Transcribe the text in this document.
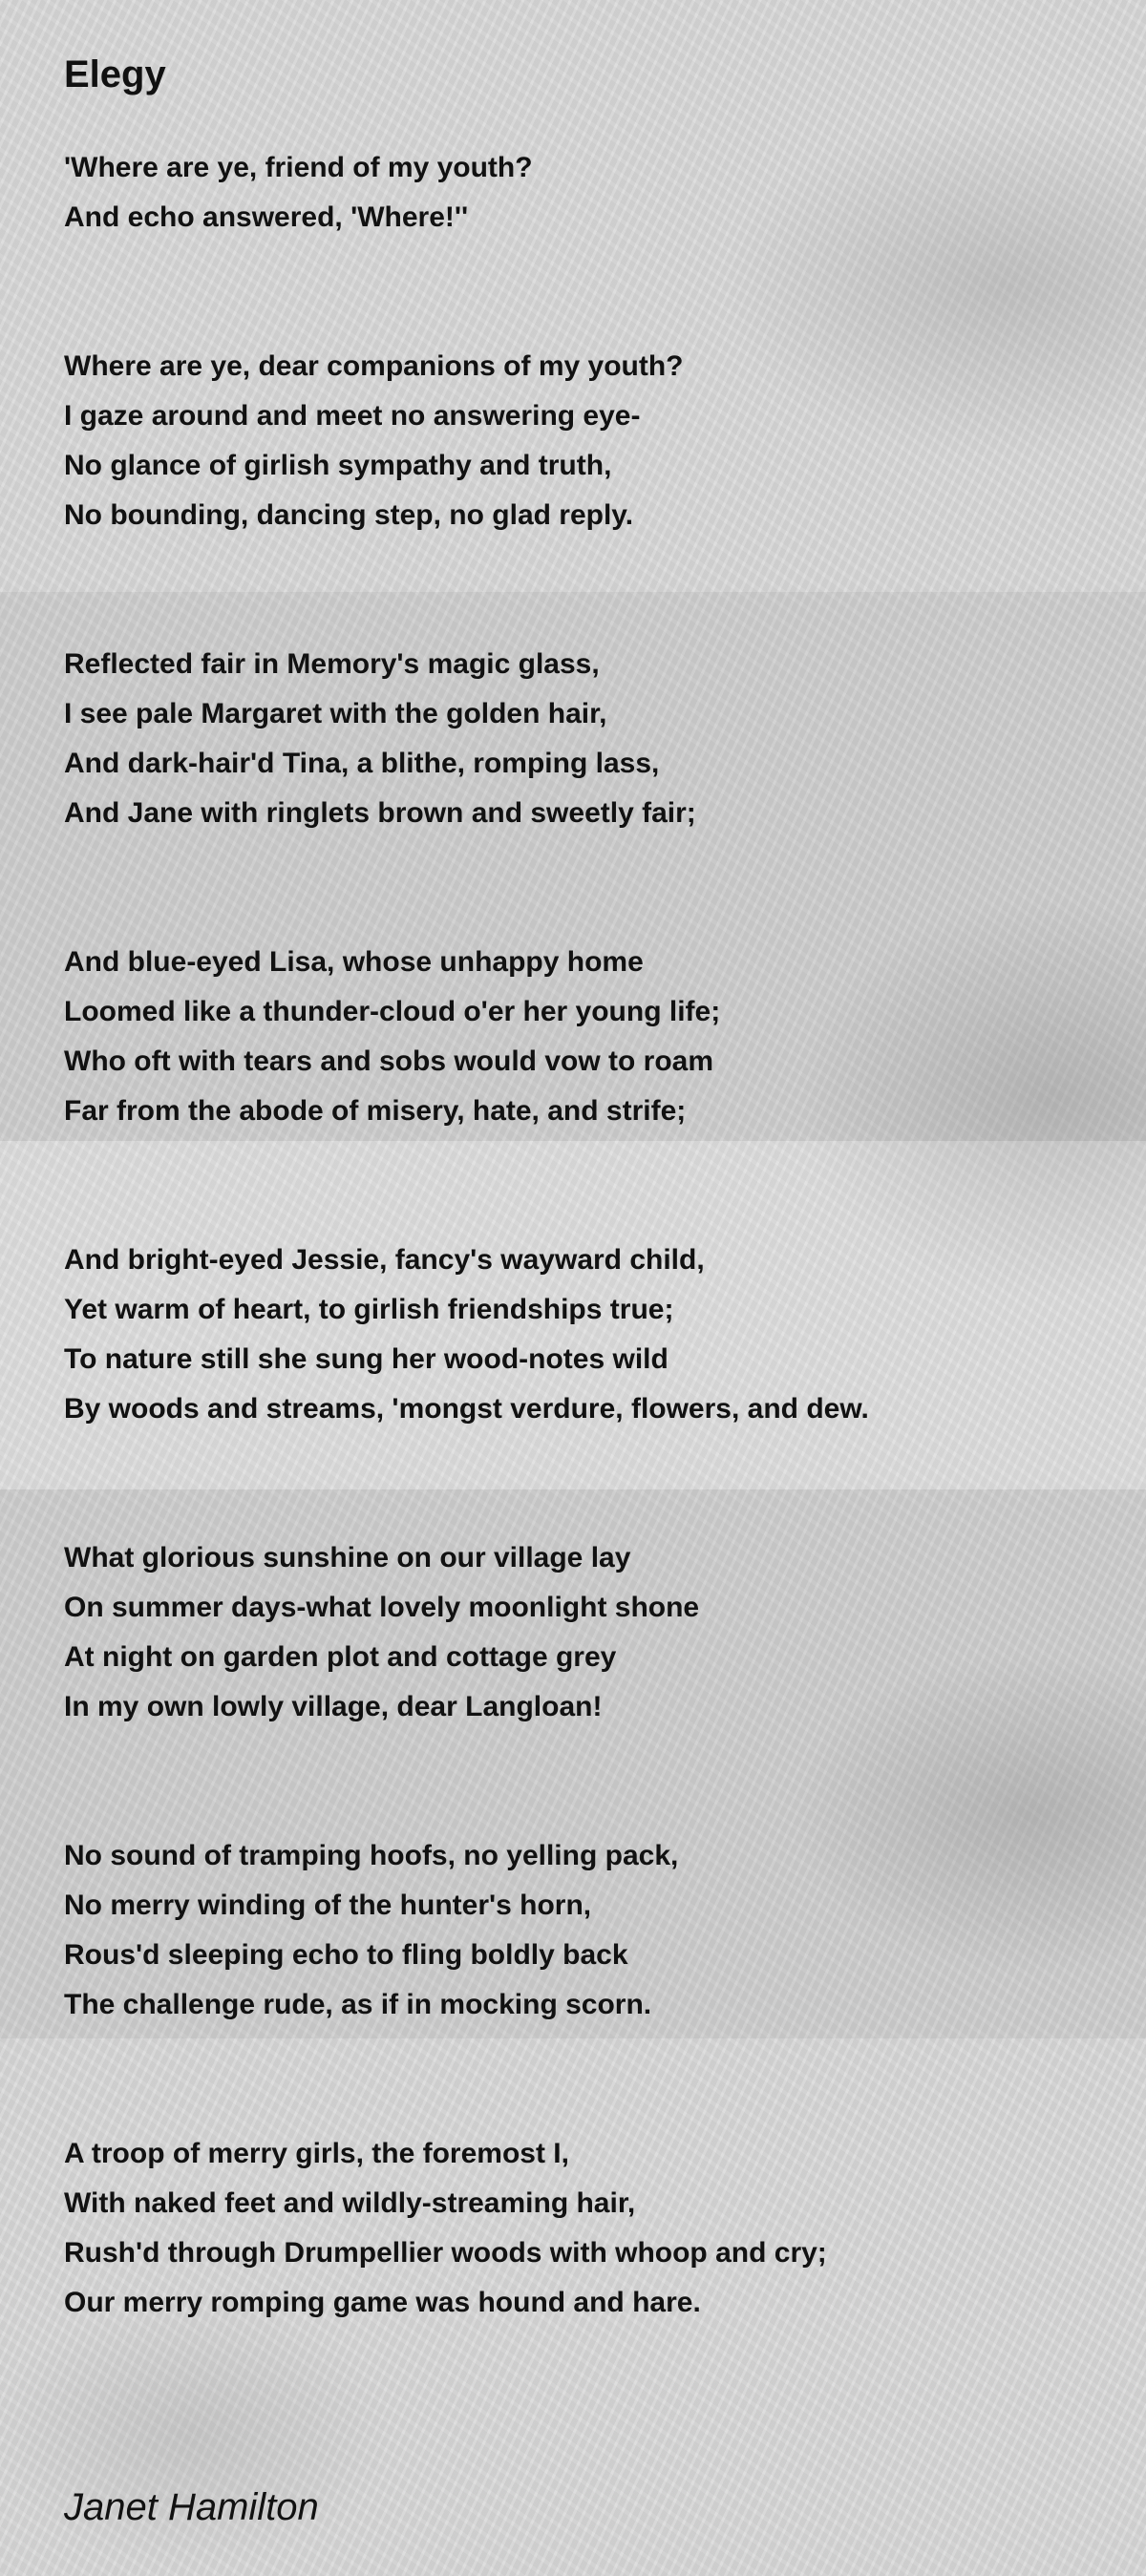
Elegy
'Where are ye, friend of my youth?
And echo answered, 'Where!''
Where are ye, dear companions of my youth?
I gaze around and meet no answering eye-
No glance of girlish sympathy and truth,
No bounding, dancing step, no glad reply.
Reflected fair in Memory's magic glass,
I see pale Margaret with the golden hair,
And dark-hair'd Tina, a blithe, romping lass,
And Jane with ringlets brown and sweetly fair;
And blue-eyed Lisa, whose unhappy home
Loomed like a thunder-cloud o'er her young life;
Who oft with tears and sobs would vow to roam
Far from the abode of misery, hate, and strife;
And bright-eyed Jessie, fancy's wayward child,
Yet warm of heart, to girlish friendships true;
To nature still she sung her wood-notes wild
By woods and streams, 'mongst verdure, flowers, and dew.
What glorious sunshine on our village lay
On summer days-what lovely moonlight shone
At night on garden plot and cottage grey
In my own lowly village, dear Langloan!
No sound of tramping hoofs, no yelling pack,
No merry winding of the hunter's horn,
Rous'd sleeping echo to fling boldly back
The challenge rude, as if in mocking scorn.
A troop of merry girls, the foremost I,
With naked feet and wildly-streaming hair,
Rush'd through Drumpellier woods with whoop and cry;
Our merry romping game was hound and hare.

Janet Hamilton
